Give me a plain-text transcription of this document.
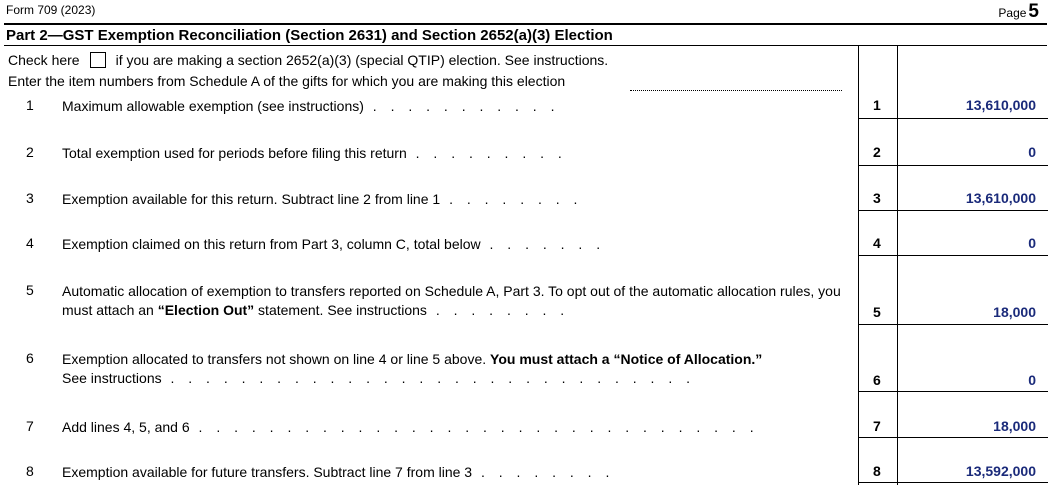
Form 709 (2023)	Page 5
Part 2—GST Exemption Reconciliation (Section 2631) and Section 2652(a)(3) Election
Check here	if you are making a section 2652(a)(3) (special QTIP) election. See instructions.
Enter the item numbers from Schedule A of the gifts for which you are making this election
1 Maximum allowable exemption (see instructions) . . . . . . . . . . .	1	13,610,000
2 Total exemption used for periods before filing this return . . . . . . . . .	2	0
3 Exemption available for this return. Subtract line 2 from line 1 . . . . . . . .	3	13,610,000
4 Exemption claimed on this return from Part 3, column C, total below . . . . . . .	4	0
5 Automatic allocation of exemption to transfers reported on Schedule A, Part 3. To opt out of the automatic allocation rules, you must attach an “Election Out” statement. See instructions . . . . . . . .	5	18,000
6 Exemption allocated to transfers not shown on line 4 or line 5 above. You must attach a “Notice of Allocation.”
See instructions . . . . . . . . . . . . . . . . . . . . . . . . . . . . . .	6	0
7 Add lines 4, 5, and 6 . . . . . . . . . . . . . . . . . . . . . . . . . . . . . . . .	7	18,000
8 Exemption available for future transfers. Subtract line 7 from line 3 . . . . . . . .	8	13,592,000
